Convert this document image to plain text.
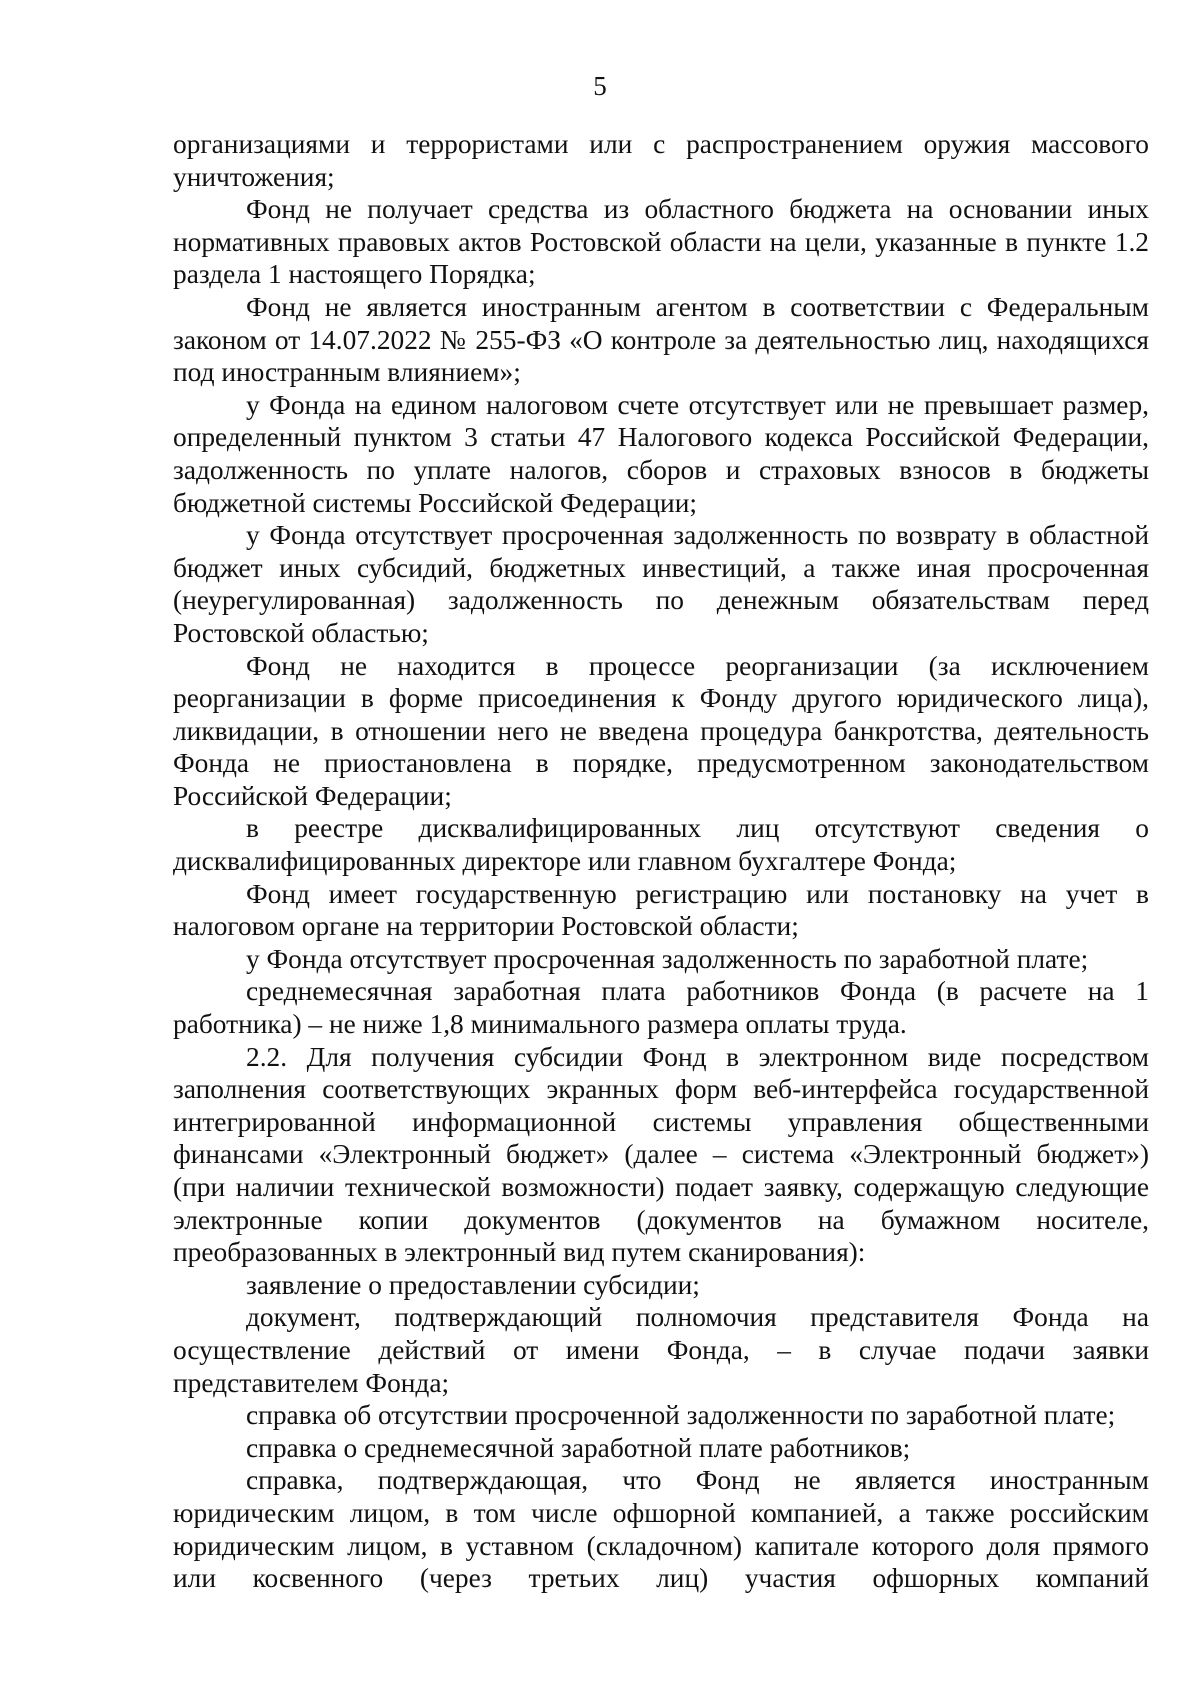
5

организациями и террористами или с распространением оружия массового уничтожения;

Фонд не получает средства из областного бюджета на основании иных нормативных правовых актов Ростовской области на цели, указанные в пункте 1.2 раздела 1 настоящего Порядка;

Фонд не является иностранным агентом в соответствии с Федеральным законом от 14.07.2022 № 255-ФЗ «О контроле за деятельностью лиц, находящихся под иностранным влиянием»;

у Фонда на едином налоговом счете отсутствует или не превышает размер, определенный пунктом 3 статьи 47 Налогового кодекса Российской Федерации, задолженность по уплате налогов, сборов и страховых взносов в бюджеты бюджетной системы Российской Федерации;

у Фонда отсутствует просроченная задолженность по возврату в областной бюджет иных субсидий, бюджетных инвестиций, а также иная просроченная (неурегулированная) задолженность по денежным обязательствам перед Ростовской областью;

Фонд не находится в процессе реорганизации (за исключением реорганизации в форме присоединения к Фонду другого юридического лица), ликвидации, в отношении него не введена процедура банкротства, деятельность Фонда не приостановлена в порядке, предусмотренном законодательством Российской Федерации;

в реестре дисквалифицированных лиц отсутствуют сведения о дисквалифицированных директоре или главном бухгалтере Фонда;

Фонд имеет государственную регистрацию или постановку на учет в налоговом органе на территории Ростовской области;

у Фонда отсутствует просроченная задолженность по заработной плате;

среднемесячная заработная плата работников Фонда (в расчете на 1 работника) – не ниже 1,8 минимального размера оплаты труда.

2.2. Для получения субсидии Фонд в электронном виде посредством заполнения соответствующих экранных форм веб-интерфейса государственной интегрированной информационной системы управления общественными финансами «Электронный бюджет» (далее – система «Электронный бюджет») (при наличии технической возможности) подает заявку, содержащую следующие электронные копии документов (документов на бумажном носителе, преобразованных в электронный вид путем сканирования):

заявление о предоставлении субсидии;

документ, подтверждающий полномочия представителя Фонда на осуществление действий от имени Фонда, – в случае подачи заявки представителем Фонда;

справка об отсутствии просроченной задолженности по заработной плате;

справка о среднемесячной заработной плате работников;

справка, подтверждающая, что Фонд не является иностранным юридическим лицом, в том числе офшорной компанией, а также российским юридическим лицом, в уставном (складочном) капитале которого доля прямого или косвенного (через третьих лиц) участия офшорных компаний
